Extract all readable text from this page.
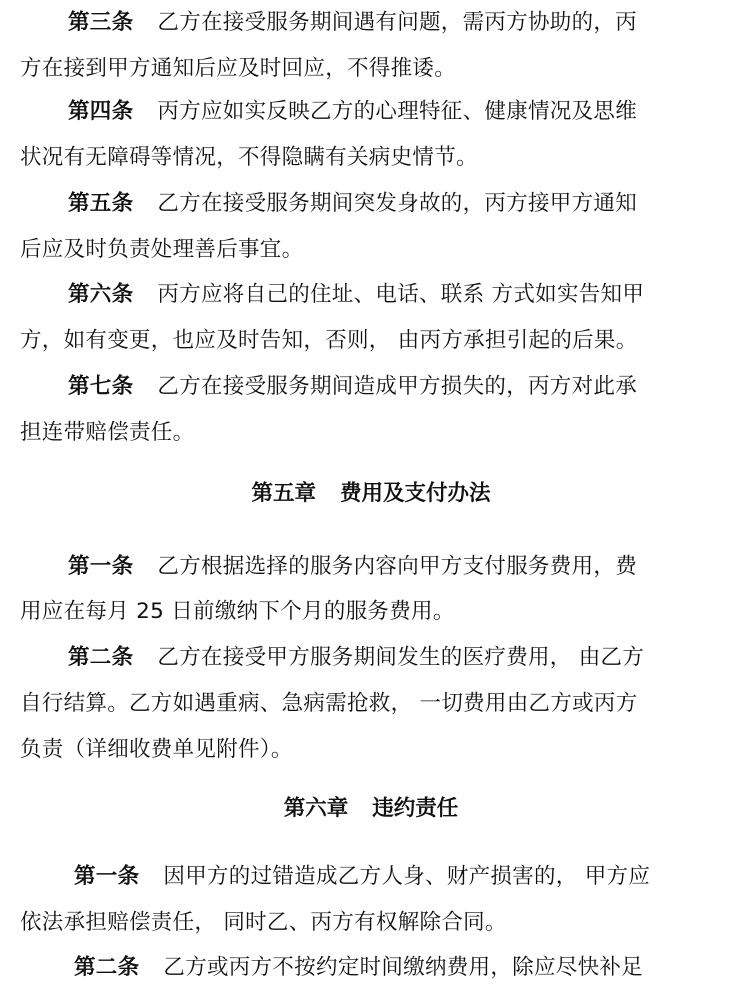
第三条 乙方在接受服务期间遇有问题，需丙方协助的，丙
方在接到甲方通知后应及时回应，不得推诿。
第四条 丙方应如实反映乙方的心理特征、健康情况及思维
状况有无障碍等情况，不得隐瞒有关病史情节。
第五条 乙方在接受服务期间突发身故的，丙方接甲方通知
后应及时负责处理善后事宜。
第六条 丙方应将自己的住址、电话、联系 方式如实告知甲
方，如有变更，也应及时告知，否则， 由丙方承担引起的后果。
第七条 乙方在接受服务期间造成甲方损失的，丙方对此承
担连带赔偿责任。
第五章 费用及支付办法
第一条 乙方根据选择的服务内容向甲方支付服务费用，费
用应在每月 25 日前缴纳下个月的服务费用。
第二条 乙方在接受甲方服务期间发生的医疗费用， 由乙方
自行结算。乙方如遇重病、急病需抢救， 一切费用由乙方或丙方
负责（详细收费单见附件）。
第六章 违约责任
第一条 因甲方的过错造成乙方人身、财产损害的， 甲方应
依法承担赔偿责任， 同时乙、丙方有权解除合同。
第二条 乙方或丙方不按约定时间缴纳费用，除应尽快补足
